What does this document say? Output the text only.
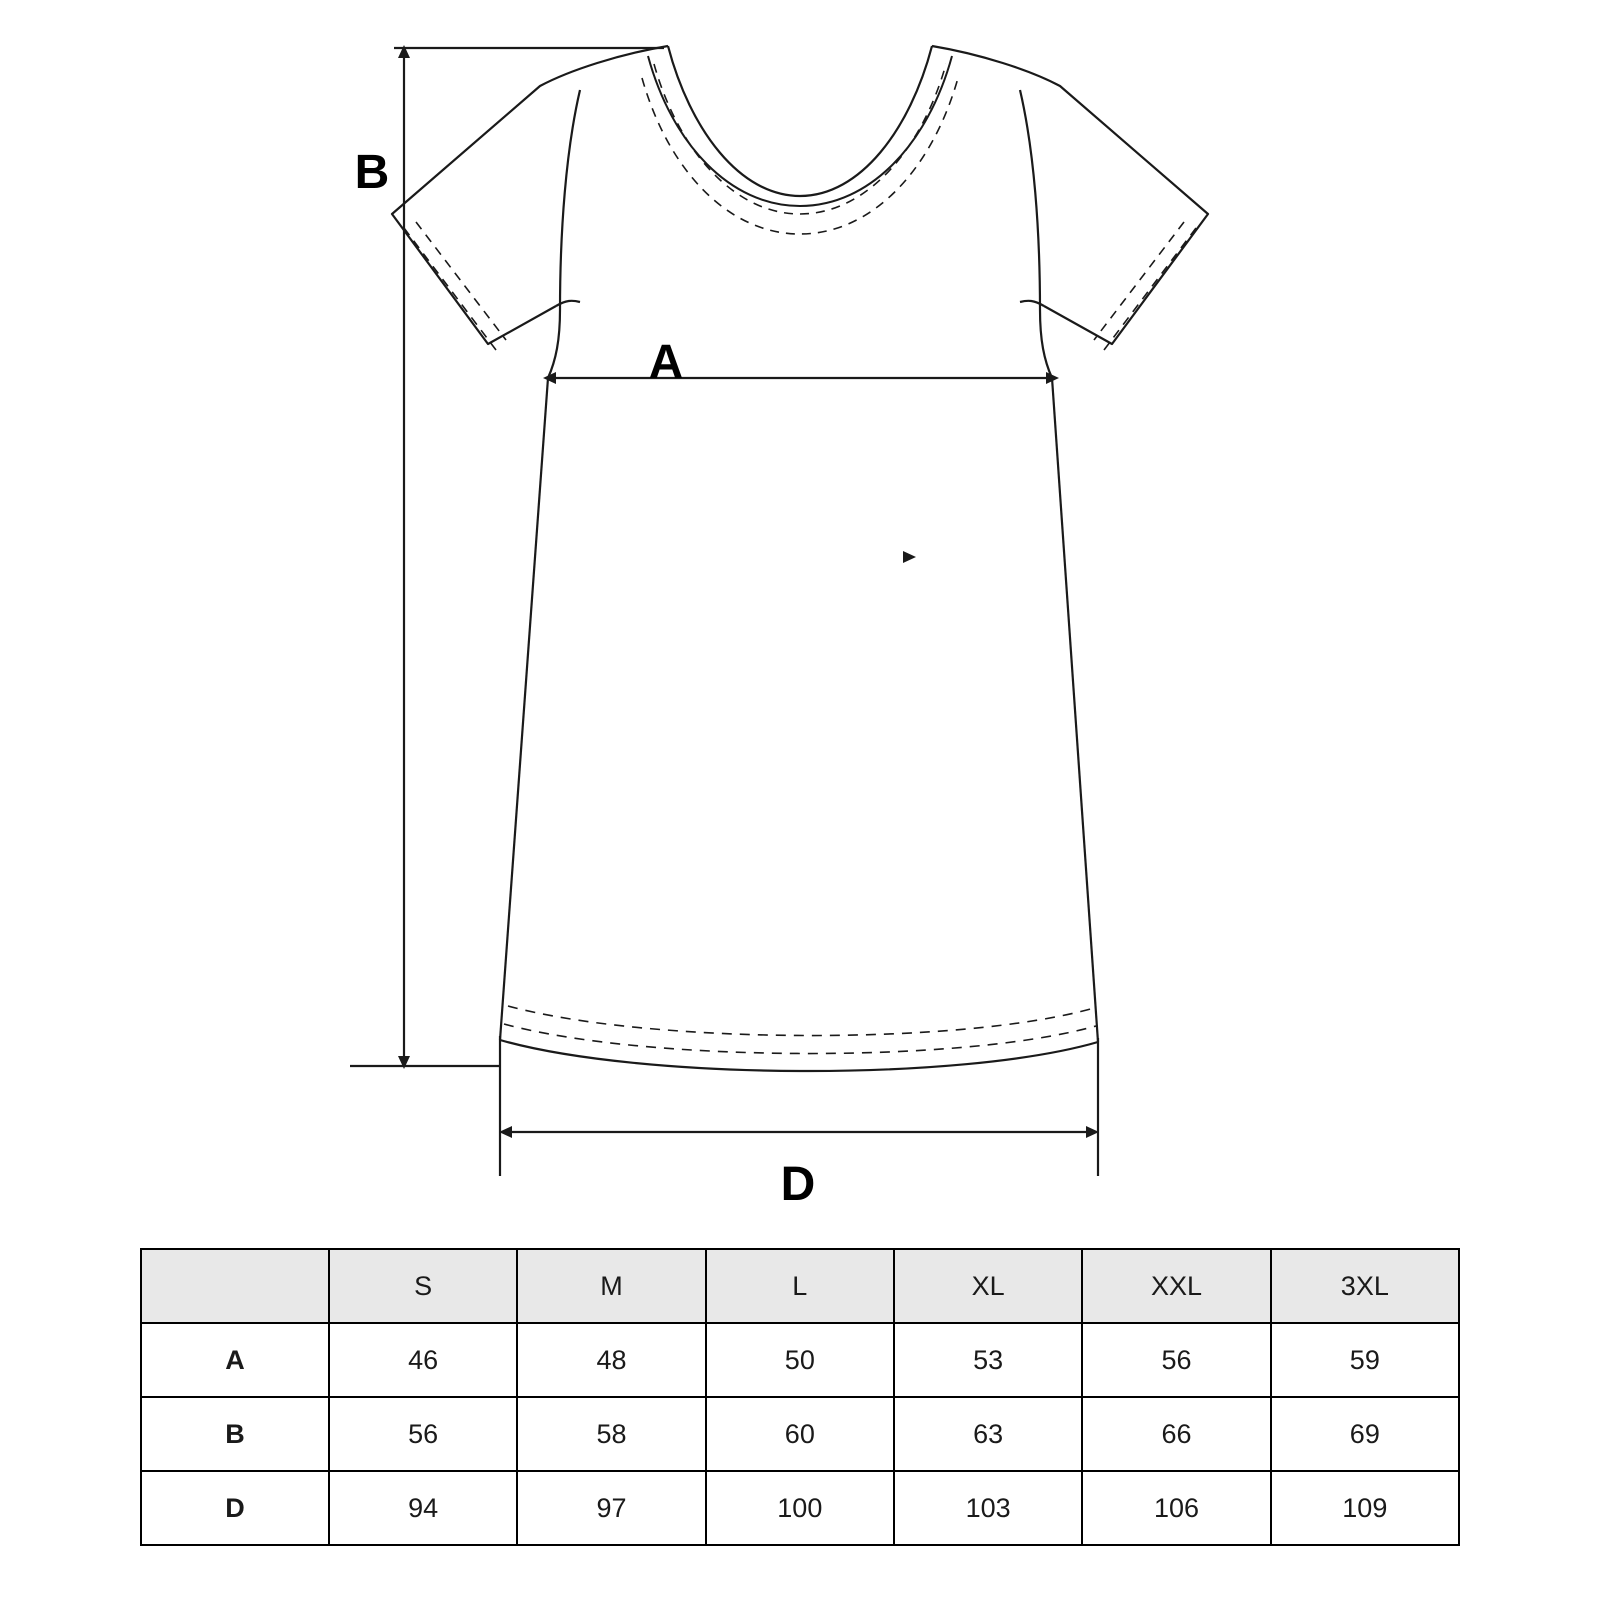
B
A
D
	S	M	L	XL	XXL	3XL
A	46	48	50	53	56	59
B	56	58	60	63	66	69
D	94	97	100	103	106	109
